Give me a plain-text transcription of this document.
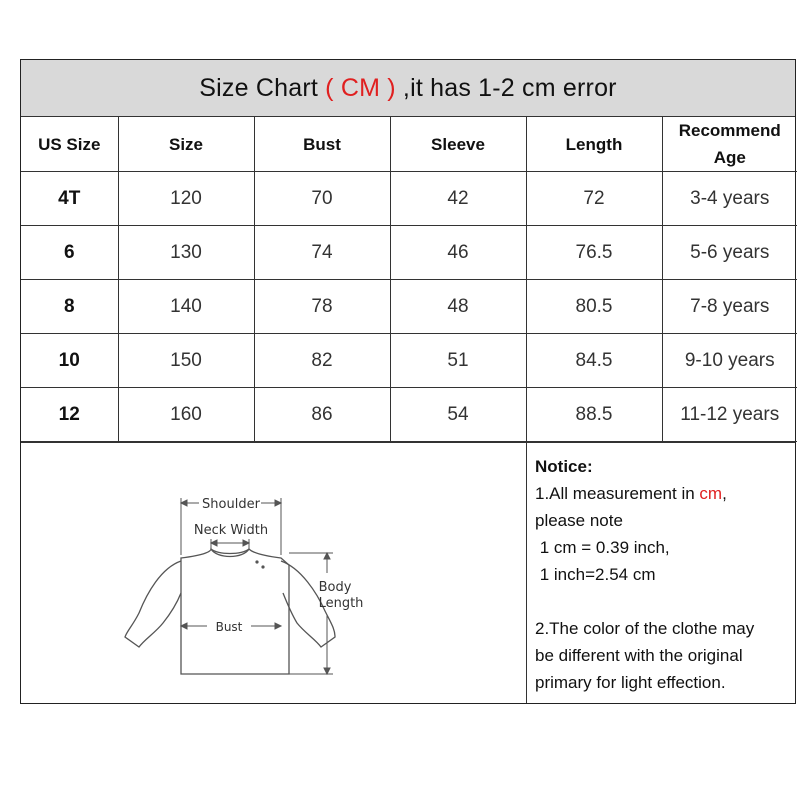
Size Chart ( CM ) ,it has 1-2 cm error
US Size	Size	Bust	Sleeve	Length	Recommend
Age
4T	120	70	42	72	3-4 years
6	130	74	46	76.5	5-6 years
8	140	78	48	80.5	7-8 years
10	150	82	51	84.5	9-10 years
12	160	86	54	88.5	11-12 years
Shoulder
Neck Width
Bust
Body
Length

Notice:

1.All measurement in cm,

please note

1 cm = 0.39 inch,

1 inch=2.54 cm

2.The color of the clothe may

be different with the original

primary for light effection.
